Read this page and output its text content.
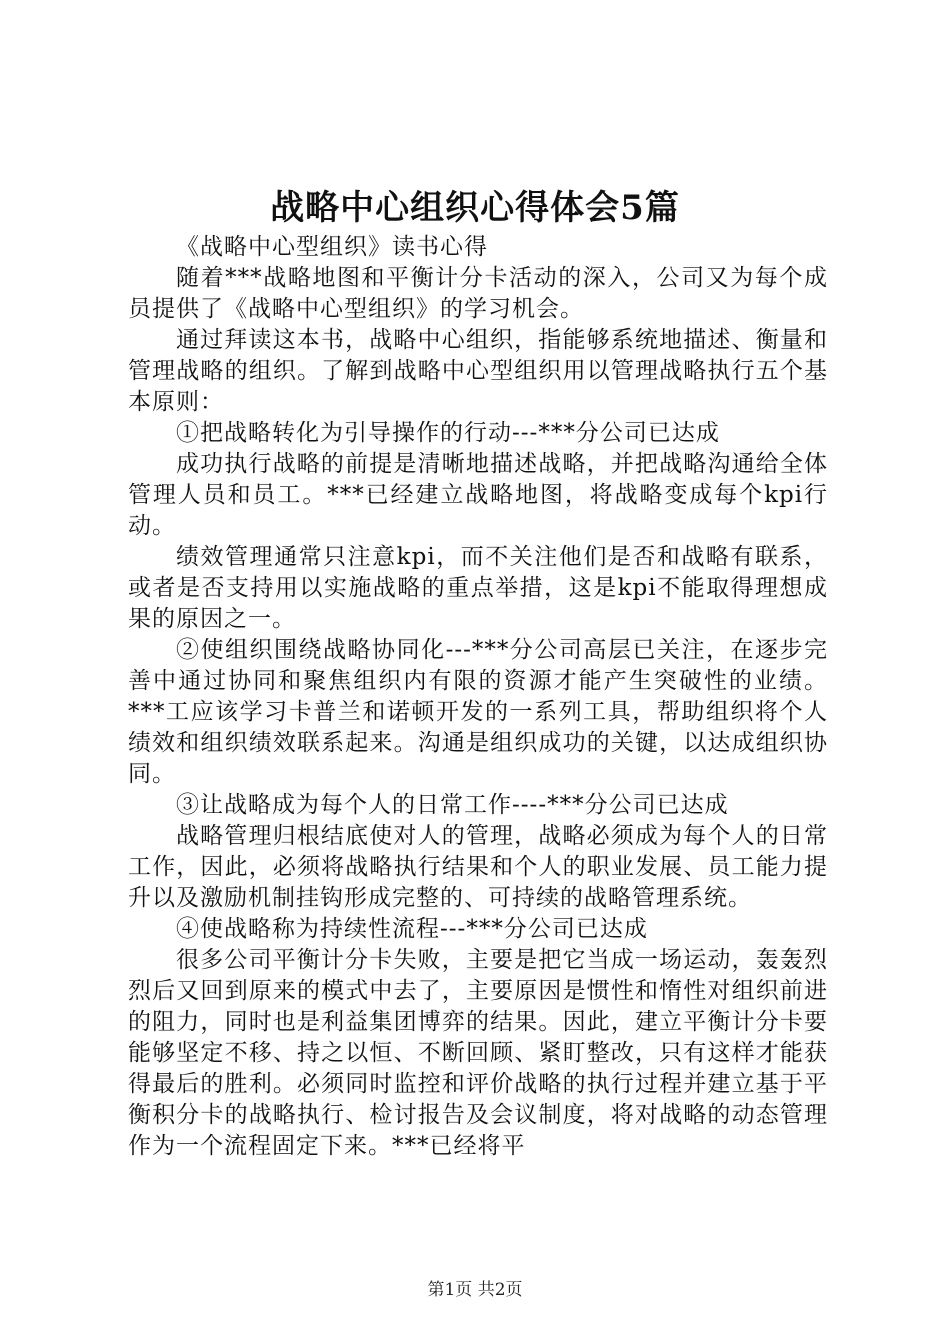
战略中心组织心得体会5篇

《战略中心型组织》读书心得

随着***战略地图和平衡计分卡活动的深入，公司又为每个成员提供了《战略中心型组织》的学习机会。

通过拜读这本书，战略中心组织，指能够系统地描述、衡量和管理战略的组织。了解到战略中心型组织用以管理战略执行五个基本原则：

①把战略转化为引导操作的行动---***分公司已达成

成功执行战略的前提是清晰地描述战略，并把战略沟通给全体管理人员和员工。***已经建立战略地图，将战略变成每个kpi行动。

绩效管理通常只注意kpi，而不关注他们是否和战略有联系，或者是否支持用以实施战略的重点举措，这是kpi不能取得理想成果的原因之一。

②使组织围绕战略协同化---***分公司高层已关注，在逐步完善中通过协同和聚焦组织内有限的资源才能产生突破性的业绩。***工应该学习卡普兰和诺顿开发的一系列工具，帮助组织将个人绩效和组织绩效联系起来。沟通是组织成功的关键，以达成组织协同。

③让战略成为每个人的日常工作----***分公司已达成

战略管理归根结底使对人的管理，战略必须成为每个人的日常工作，因此，必须将战略执行结果和个人的职业发展、员工能力提升以及激励机制挂钩形成完整的、可持续的战略管理系统。

④使战略称为持续性流程---***分公司已达成

很多公司平衡计分卡失败，主要是把它当成一场运动，轰轰烈烈后又回到原来的模式中去了，主要原因是惯性和惰性对组织前进的阻力，同时也是利益集团博弈的结果。因此，建立平衡计分卡要能够坚定不移、持之以恒、不断回顾、紧盯整改，只有这样才能获得最后的胜利。必须同时监控和评价战略的执行过程并建立基于平衡积分卡的战略执行、检讨报告及会议制度，将对战略的动态管理作为一个流程固定下来。***已经将平

第1页 共2页
